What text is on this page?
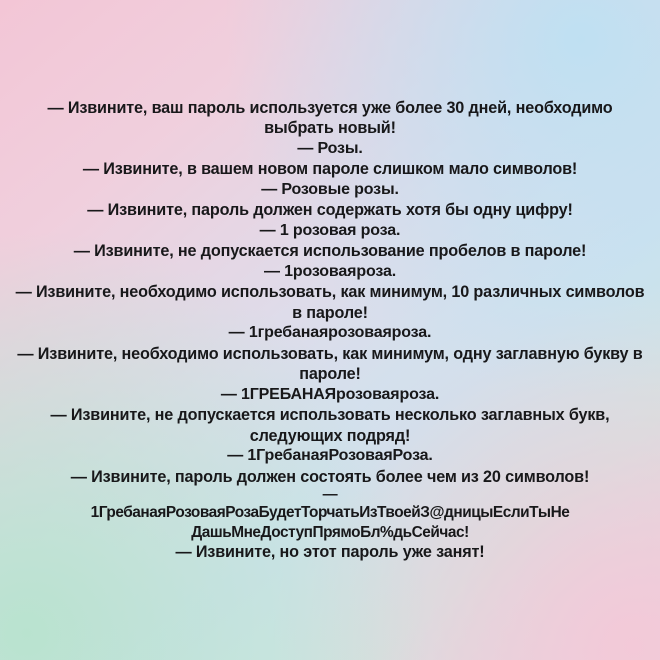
— Извините, ваш пароль используется уже более 30 дней, необходимо выбрать новый!
— Розы.
— Извините, в вашем новом пароле слишком мало символов!
— Розовые розы.
— Извините, пароль должен содержать хотя бы одну цифру!
— 1 розовая роза.
— Извините, не допускается использование пробелов в пароле!
— 1розоваяроза.
— Извините, необходимо использовать, как минимум, 10 различных символов в пароле!
— 1гребанаярозоваяроза.
— Извините, необходимо использовать, как минимум, одну заглавную букву в пароле!
— 1ГРЕБАНАЯрозоваяроза.
— Извините, не допускается использовать несколько заглавных букв, следующих подряд!
— 1ГребанаяРозоваяРоза.
— Извините, пароль должен состоять более чем из 20 символов!
—
1ГребанаяРозоваяРозаБудетТорчатьИзТвоейЗ@дницыЕслиТыНе ДашьМнеДоступПрямоБл%дьСейчас!
— Извините, но этот пароль уже занят!
